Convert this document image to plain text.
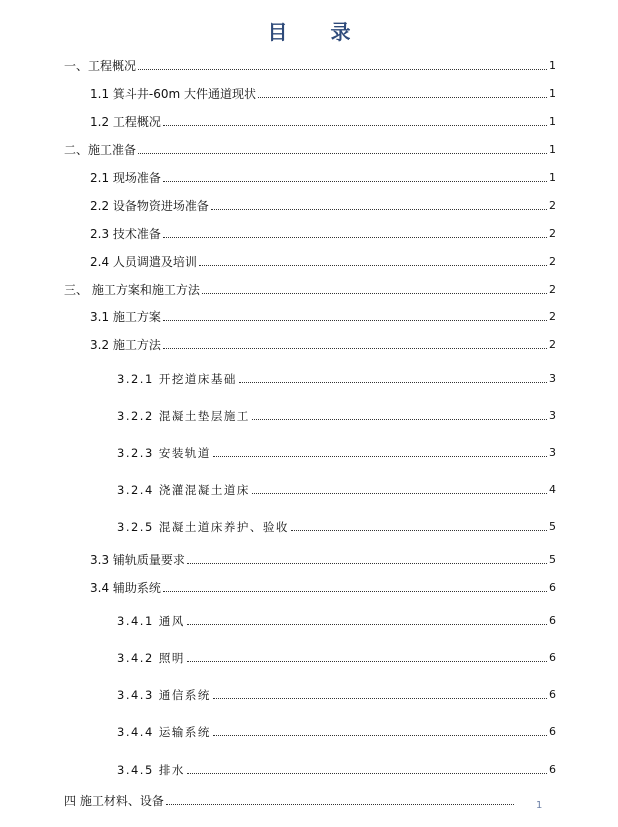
目 录
一、工程概况	1
1.1 箕斗井-60m 大件通道现状	1
1.2 工程概况	1
二、施工准备	1
2.1 现场准备	1
2.2 设备物资进场准备	2
2.3 技术准备	2
2.4 人员调遣及培训	2
三、 施工方案和施工方法	2
3.1 施工方案	2
3.2 施工方法	2
3.2.1 开挖道床基础	3
3.2.2 混凝土垫层施工	3
3.2.3 安装轨道	3
3.2.4 浇灌混凝土道床	4
3.2.5 混凝土道床养护、验收	5
3.3 铺轨质量要求	5
3.4 辅助系统	6
3.4.1 通风	6
3.4.2 照明	6
3.4.3 通信系统	6
3.4.4 运输系统	6
3.4.5 排水	6
四 施工材料、设备	1
